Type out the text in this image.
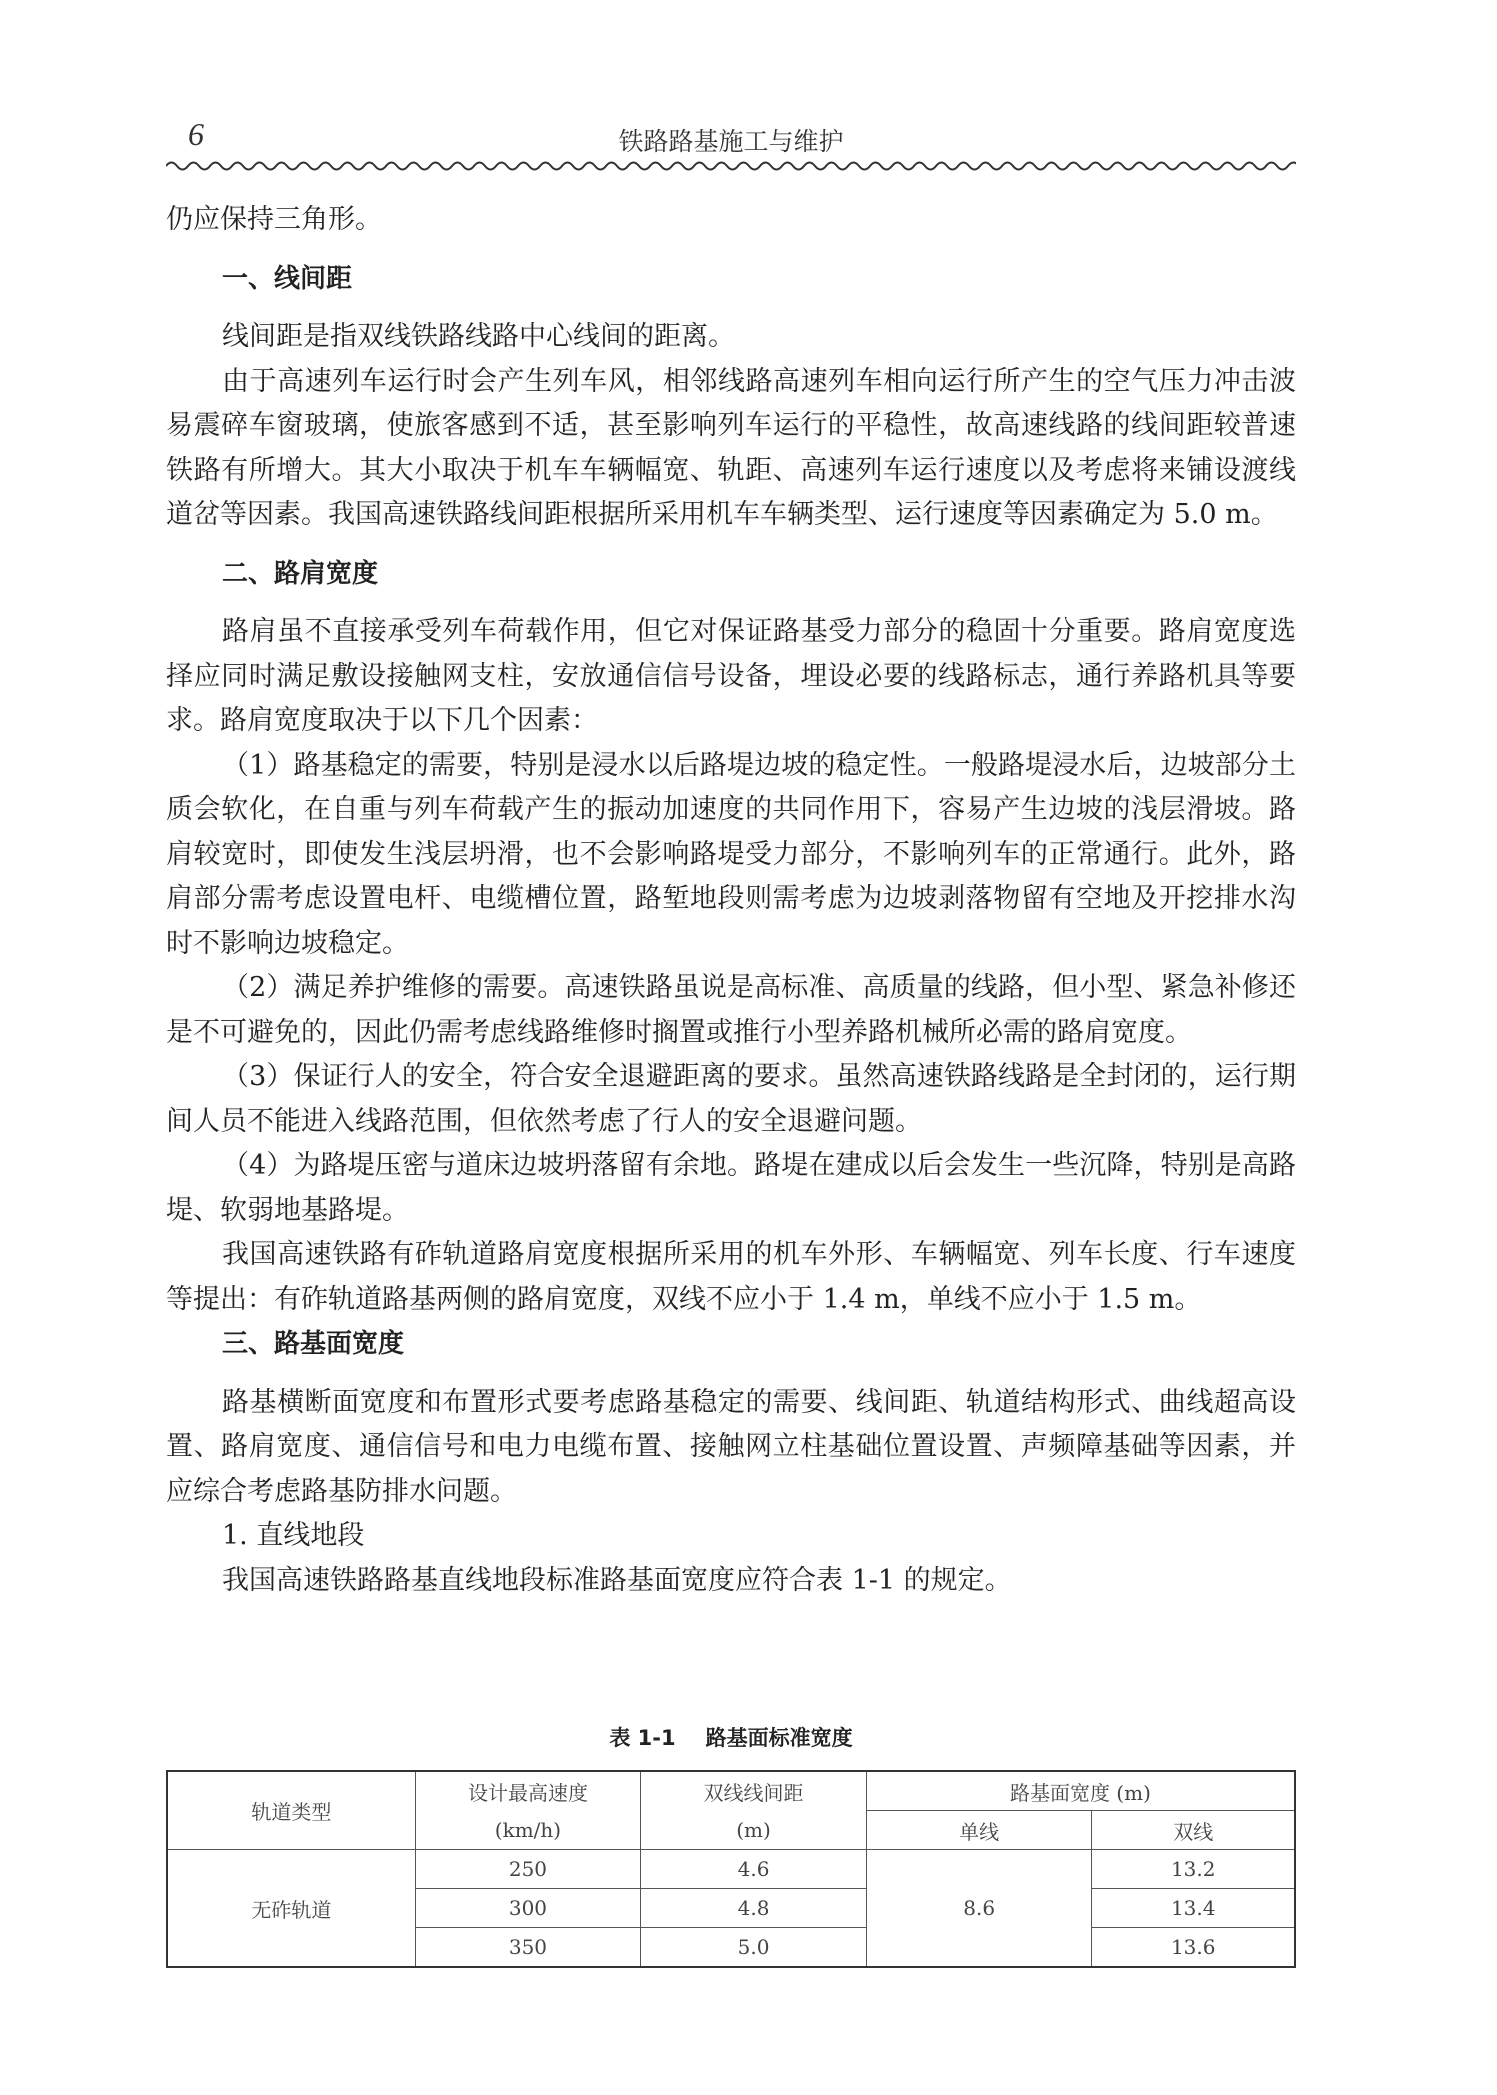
6	铁路路基施工与维护

仍应保持三角形。

一、线间距

线间距是指双线铁路线路中心线间的距离。

由于高速列车运行时会产生列车风，相邻线路高速列车相向运行所产生的空气压力冲击波易震碎车窗玻璃，使旅客感到不适，甚至影响列车运行的平稳性，故高速线路的线间距较普速铁路有所增大。其大小取决于机车车辆幅宽、轨距、高速列车运行速度以及考虑将来铺设渡线道岔等因素。我国高速铁路线间距根据所采用机车车辆类型、运行速度等因素确定为 5.0 m。

二、路肩宽度

路肩虽不直接承受列车荷载作用，但它对保证路基受力部分的稳固十分重要。路肩宽度选择应同时满足敷设接触网支柱，安放通信信号设备，埋设必要的线路标志，通行养路机具等要求。路肩宽度取决于以下几个因素：

（1）路基稳定的需要，特别是浸水以后路堤边坡的稳定性。一般路堤浸水后，边坡部分土质会软化，在自重与列车荷载产生的振动加速度的共同作用下，容易产生边坡的浅层滑坡。路肩较宽时，即使发生浅层坍滑，也不会影响路堤受力部分，不影响列车的正常通行。此外，路肩部分需考虑设置电杆、电缆槽位置，路堑地段则需考虑为边坡剥落物留有空地及开挖排水沟时不影响边坡稳定。

（2）满足养护维修的需要。高速铁路虽说是高标准、高质量的线路，但小型、紧急补修还是不可避免的，因此仍需考虑线路维修时搁置或推行小型养路机械所必需的路肩宽度。

（3）保证行人的安全，符合安全退避距离的要求。虽然高速铁路线路是全封闭的，运行期间人员不能进入线路范围，但依然考虑了行人的安全退避问题。

（4）为路堤压密与道床边坡坍落留有余地。路堤在建成以后会发生一些沉降，特别是高路堤、软弱地基路堤。

我国高速铁路有砟轨道路肩宽度根据所采用的机车外形、车辆幅宽、列车长度、行车速度等提出：有砟轨道路基两侧的路肩宽度，双线不应小于 1.4 m，单线不应小于 1.5 m。

三、路基面宽度

路基横断面宽度和布置形式要考虑路基稳定的需要、线间距、轨道结构形式、曲线超高设置、路肩宽度、通信信号和电力电缆布置、接触网立柱基础位置设置、声频障基础等因素，并应综合考虑路基防排水问题。

1. 直线地段

我国高速铁路路基直线地段标准路基面宽度应符合表 1-1 的规定。

表 1-1 路基面标准宽度
轨道类型	设计最高速度	双线线间距	路基面宽度 (m)	
	(km/h)	(m)	单线	双线
无砟轨道	250	4.6	8.6	13.2
	300	4.8		13.4
	350	5.0		13.6
